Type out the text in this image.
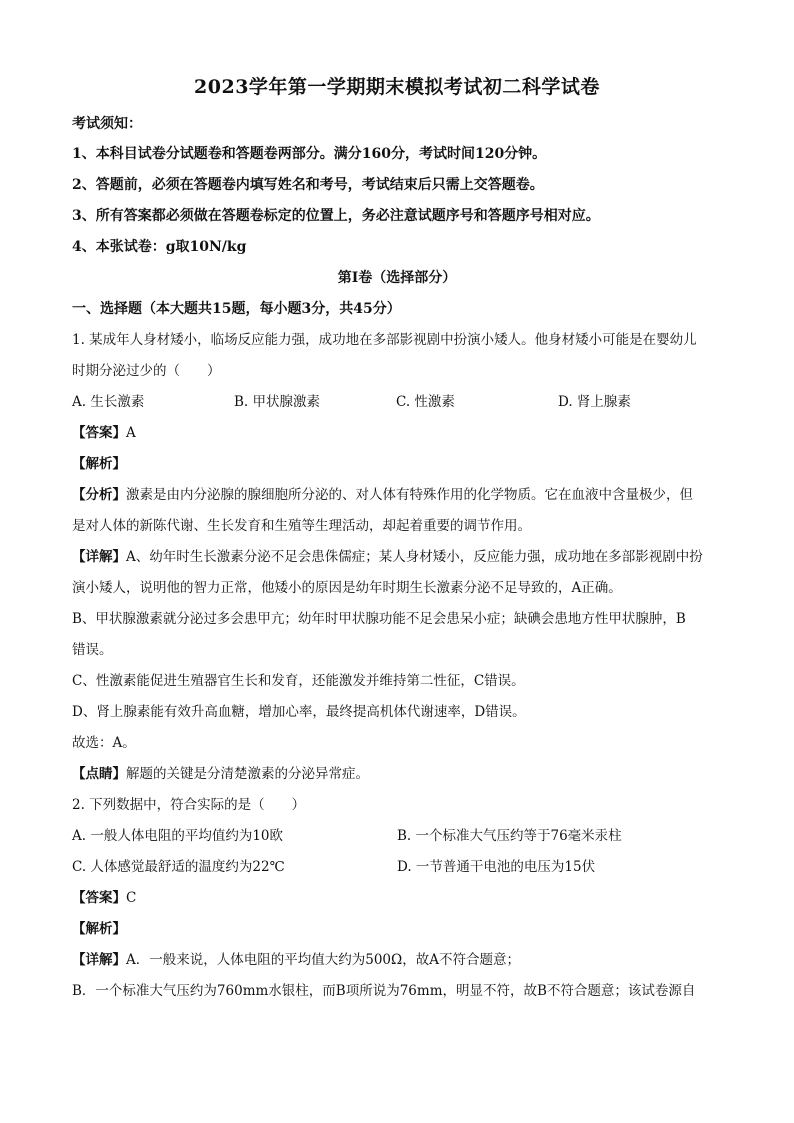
2023学年第一学期期末模拟考试初二科学试卷
考试须知：
1、本科目试卷分试题卷和答题卷两部分。满分160分，考试时间120分钟。
2、答题前，必须在答题卷内填写姓名和考号，考试结束后只需上交答题卷。
3、所有答案都必须做在答题卷标定的位置上，务必注意试题序号和答题序号相对应。
4、本张试卷：g取10N/kg
第Ⅰ卷（选择部分）
一、选择题（本大题共15题，每小题3分，共45分）
1. 某成年人身材矮小，临场反应能力强，成功地在多部影视剧中扮演小矮人。他身材矮小可能是在婴幼儿
时期分泌过少的（　　）
A. 生长激素	B. 甲状腺激素	C. 性激素	D. 肾上腺素
【答案】A
【解析】
【分析】激素是由内分泌腺的腺细胞所分泌的、对人体有特殊作用的化学物质。它在血液中含量极少，但
是对人体的新陈代谢、生长发育和生殖等生理活动，却起着重要的调节作用。
【详解】A、幼年时生长激素分泌不足会患侏儒症；某人身材矮小，反应能力强，成功地在多部影视剧中扮
演小矮人，说明他的智力正常，他矮小的原因是幼年时期生长激素分泌不足导致的，A正确。
B、甲状腺激素就分泌过多会患甲亢；幼年时甲状腺功能不足会患呆小症；缺碘会患地方性甲状腺肿，B
错误。
C、性激素能促进生殖器官生长和发育，还能激发并维持第二性征，C错误。
D、肾上腺素能有效升高血糖，增加心率，最终提高机体代谢速率，D错误。
故选：A。
【点睛】解题的关键是分清楚激素的分泌异常症。
2. 下列数据中，符合实际的是（　　）
A. 一般人体电阻的平均值约为10欧	B. 一个标准大气压约等于76毫米汞柱
C. 人体感觉最舒适的温度约为22℃	D. 一节普通干电池的电压为15伏
【答案】C
【解析】
【详解】A．一般来说，人体电阻的平均值大约为500Ω，故A不符合题意；
B．一个标准大气压约为760mm水银柱，而B项所说为76mm，明显不符，故B不符合题意；该试卷源自
